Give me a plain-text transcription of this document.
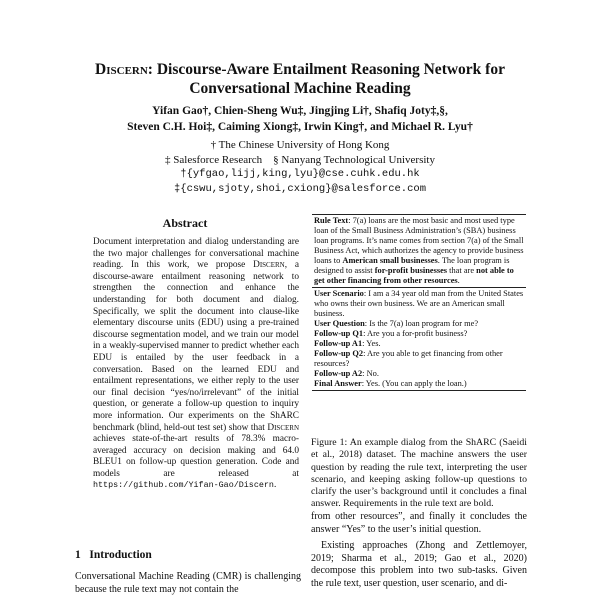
Discern: Discourse-Aware Entailment Reasoning Network for
Conversational Machine Reading
Yifan Gao†, Chien-Sheng Wu‡, Jingjing Li†, Shafiq Joty‡,§,
Steven C.H. Hoi‡, Caiming Xiong‡, Irwin King†, and Michael R. Lyu†
† The Chinese University of Hong Kong
‡ Salesforce Research    § Nanyang Technological University
†{yfgao,lijj,king,lyu}@cse.cuhk.edu.hk
‡{cswu,sjoty,shoi,cxiong}@salesforce.com
Abstract
Document interpretation and dialog understanding are the two major challenges for conversational machine reading. In this work, we propose Discern, a discourse-aware entailment reasoning network to strengthen the connection and enhance the understanding for both document and dialog. Specifically, we split the document into clause-like elementary discourse units (EDU) using a pre-trained discourse segmentation model, and we train our model in a weakly-supervised manner to predict whether each EDU is entailed by the user feedback in a conversation. Based on the learned EDU and entailment representations, we either reply to the user our final decision “yes/no/irrelevant” of the initial question, or generate a follow-up question to inquiry more information. Our experiments on the ShARC benchmark (blind, held-out test set) show that Discern achieves state-of-the-art results of 78.3% macro-averaged accuracy on decision making and 64.0 BLEU1 on follow-up question generation. Code and models are released at https://github.com/Yifan-Gao/Discern.
1   Introduction
Conversational Machine Reading (CMR) is challenging because the rule text may not contain the
Rule Text: 7(a) loans are the most basic and most used type loan of the Small Business Administration’s (SBA) business loan programs. It’s name comes from section 7(a) of the Small Business Act, which authorizes the agency to provide business loans to American small businesses. The loan program is designed to assist for-profit businesses that are not able to get other financing from other resources.

User Scenario: I am a 34 year old man from the United States who owns their own business. We are an American small business.

User Question: Is the 7(a) loan program for me?

Follow-up Q1: Are you a for-profit business?

Follow-up A1: Yes.

Follow-up Q2: Are you able to get financing from other resources?

Follow-up A2: No.

Final Answer: Yes. (You can apply the loan.)

Figure 1: An example dialog from the ShARC (Saeidi et al., 2018) dataset. The machine answers the user question by reading the rule text, interpreting the user scenario, and keeping asking follow-up questions to clarify the user’s background until it concludes a final answer. Requirements in the rule text are bold.

from other resources”, and finally it concludes the answer “Yes” to the user’s initial question.

Existing approaches (Zhong and Zettlemoyer, 2019; Sharma et al., 2019; Gao et al., 2020) decompose this problem into two sub-tasks. Given the rule text, user question, user scenario, and di-
